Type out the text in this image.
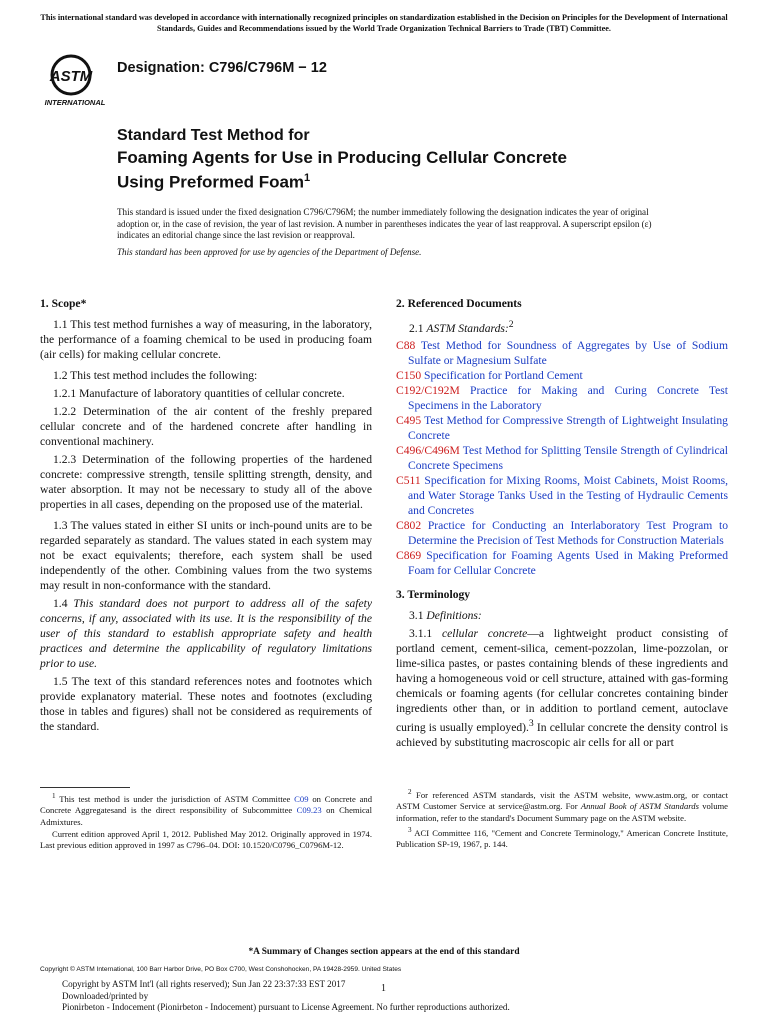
This international standard was developed in accordance with internationally recognized principles on standardization established in the Decision on Principles for the Development of International Standards, Guides and Recommendations issued by the World Trade Organization Technical Barriers to Trade (TBT) Committee.
ASTM
INTERNATIONAL
Designation: C796/C796M − 12
Standard Test Method for
Foaming Agents for Use in Producing Cellular Concrete
Using Preformed Foam$^1$

This standard is issued under the fixed designation C796/C796M; the number immediately following the designation indicates the year of original adoption or, in the case of revision, the year of last revision. A number in parentheses indicates the year of last reapproval. A superscript epsilon (ε) indicates an editorial change since the last revision or reapproval.

This standard has been approved for use by agencies of the Department of Defense.

1. Scope*

1.1 This test method furnishes a way of measuring, in the laboratory, the performance of a foaming chemical to be used in producing foam (air cells) for making cellular concrete.

1.2 This test method includes the following:

1.2.1 Manufacture of laboratory quantities of cellular concrete.

1.2.2 Determination of the air content of the freshly prepared cellular concrete and of the hardened concrete after handling in conventional machinery.

1.2.3 Determination of the following properties of the hardened concrete: compressive strength, tensile splitting strength, density, and water absorption. It may not be necessary to study all of the above properties in all cases, depending on the proposed use of the material.

1.3 The values stated in either SI units or inch-pound units are to be regarded separately as standard. The values stated in each system may not be exact equivalents; therefore, each system shall be used independently of the other. Combining values from the two systems may result in non-conformance with the standard.

1.4 This standard does not purport to address all of the safety concerns, if any, associated with its use. It is the responsibility of the user of this standard to establish appropriate safety and health practices and determine the applicability of regulatory limitations prior to use.

1.5 The text of this standard references notes and footnotes which provide explanatory material. These notes and footnotes (excluding those in tables and figures) shall not be considered as requirements of the standard.

2. Referenced Documents

2.1 ASTM Standards:$^2$

C88 Test Method for Soundness of Aggregates by Use of Sodium Sulfate or Magnesium Sulfate

C150 Specification for Portland Cement

C192/C192M Practice for Making and Curing Concrete Test Specimens in the Laboratory

C495 Test Method for Compressive Strength of Lightweight Insulating Concrete

C496/C496M Test Method for Splitting Tensile Strength of Cylindrical Concrete Specimens

C511 Specification for Mixing Rooms, Moist Cabinets, Moist Rooms, and Water Storage Tanks Used in the Testing of Hydraulic Cements and Concretes

C802 Practice for Conducting an Interlaboratory Test Program to Determine the Precision of Test Methods for Construction Materials

C869 Specification for Foaming Agents Used in Making Preformed Foam for Cellular Concrete

3. Terminology

3.1 Definitions:

3.1.1 cellular concrete—a lightweight product consisting of portland cement, cement-silica, cement-pozzolan, lime-pozzolan, or lime-silica pastes, or pastes containing blends of these ingredients and having a homogeneous void or cell structure, attained with gas-forming chemicals or foaming agents (for cellular concretes containing binder ingredients other than, or in addition to portland cement, autoclave curing is usually employed).$^3$ In cellular concrete the density control is achieved by substituting macroscopic air cells for all or part

$^1$ This test method is under the jurisdiction of ASTM Committee C09 on Concrete and Concrete Aggregatesand is the direct responsibility of Subcommittee C09.23 on Chemical Admixtures.

Current edition approved April 1, 2012. Published May 2012. Originally approved in 1974. Last previous edition approved in 1997 as C796–04. DOI: 10.1520/C0796_C0796M-12.

$^2$ For referenced ASTM standards, visit the ASTM website, www.astm.org, or contact ASTM Customer Service at service@astm.org. For Annual Book of ASTM Standards volume information, refer to the standard's Document Summary page on the ASTM website.

$^3$ ACI Committee 116, "Cement and Concrete Terminology," American Concrete Institute, Publication SP-19, 1967, p. 144.

*A Summary of Changes section appears at the end of this standard
Copyright © ASTM International, 100 Barr Harbor Drive, PO Box C700, West Conshohocken, PA 19428-2959. United States
Copyright by ASTM Int'l (all rights reserved); Sun Jan 22 23:37:33 EST 2017
Downloaded/printed by
Pionirbeton - Indocement (Pionirbeton - Indocement) pursuant to License Agreement. No further reproductions authorized.
1
